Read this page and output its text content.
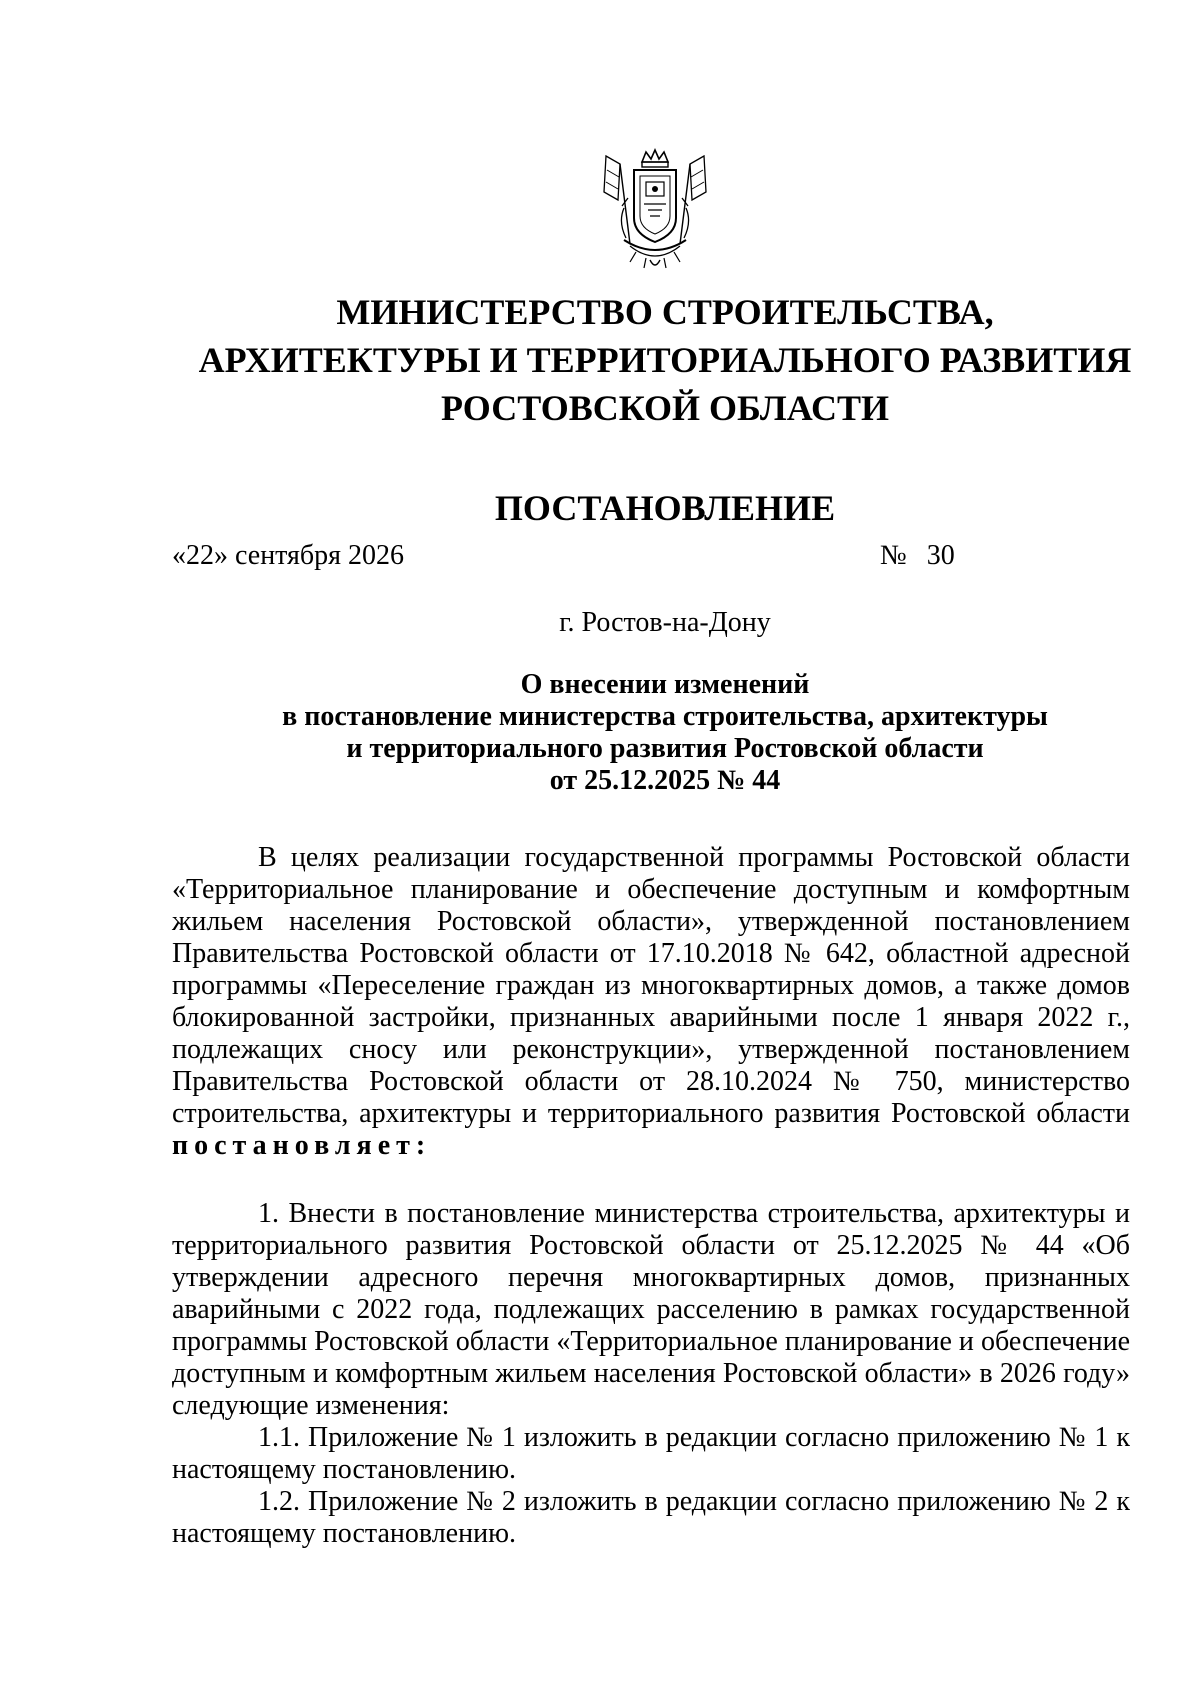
МИНИСТЕРСТВО СТРОИТЕЛЬСТВА,
АРХИТЕКТУРЫ И ТЕРРИТОРИАЛЬНОГО РАЗВИТИЯ
РОСТОВСКОЙ ОБЛАСТИ
ПОСТАНОВЛЕНИЕ
«22» сентября 2026	№ 30
г. Ростов-на-Дону
О внесении изменений
в постановление министерства строительства, архитектуры
и территориального развития Ростовской области
от 25.12.2025 № 44

В целях реализации государственной программы Ростовской области «Территориальное планирование и обеспечение доступным и комфортным жильем населения Ростовской области», утвержденной постановлением Правительства Ростовской области от 17.10.2018 № 642, областной адресной программы «Переселение граждан из многоквартирных домов, а также домов блокированной застройки, признанных аварийными после 1 января 2022 г., подлежащих сносу или реконструкции», утвержденной постановлением Правительства Ростовской области от 28.10.2024 № 750, министерство строительства, архитектуры и территориального развития Ростовской области постановляет:

1. Внести в постановление министерства строительства, архитектуры и территориального развития Ростовской области от 25.12.2025 № 44 «Об утверждении адресного перечня многоквартирных домов, признанных аварийными с 2022 года, подлежащих расселению в рамках государственной программы Ростовской области «Территориальное планирование и обеспечение доступным и комфортным жильем населения Ростовской области» в 2026 году» следующие изменения:

1.1. Приложение № 1 изложить в редакции согласно приложению № 1 к настоящему постановлению.

1.2. Приложение № 2 изложить в редакции согласно приложению № 2 к настоящему постановлению.
